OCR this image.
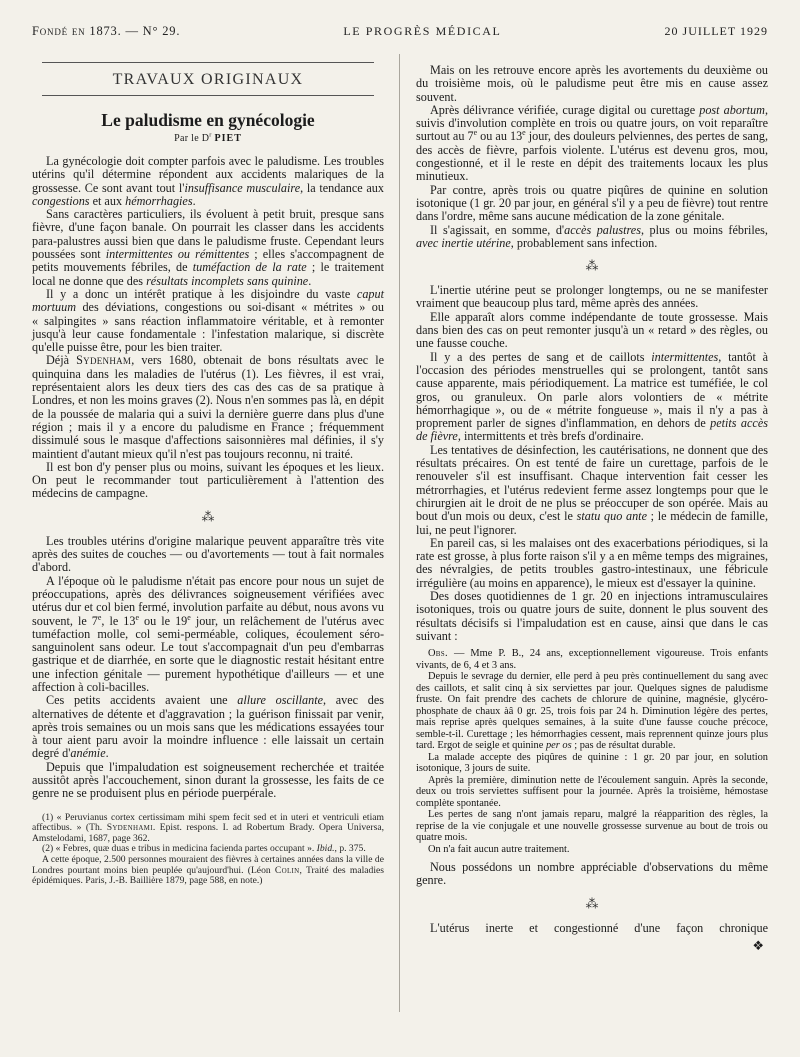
Fondé en 1873. — N° 29.	LE PROGRÈS MÉDICAL	20 JUILLET 1929
TRAVAUX ORIGINAUX
Le paludisme en gynécologie
Par le $D^r$ PIET

La gynécologie doit compter parfois avec le paludisme. Les troubles utérins qu'il détermine répondent aux accidents malariques de la grossesse. Ce sont avant tout l'insuffisance musculaire, la tendance aux congestions et aux hémorrhagies.

Sans caractères particuliers, ils évoluent à petit bruit, presque sans fièvre, d'une façon banale. On pourrait les classer dans les accidents para-palustres aussi bien que dans le paludisme fruste. Cependant leurs poussées sont intermittentes ou rémittentes ; elles s'accompagnent de petits mouvements fébriles, de tuméfaction de la rate ; le traitement local ne donne que des résultats incomplets sans quinine.

Il y a donc un intérêt pratique à les disjoindre du vaste caput mortuum des déviations, congestions ou soi-disant « métrites » ou « salpingites » sans réaction inflammatoire véritable, et à remonter jusqu'à leur cause fondamentale : l'infestation malarique, si discrète qu'elle puisse être, pour les bien traiter.

Déjà Sydenham, vers 1680, obtenait de bons résultats avec le quinquina dans les maladies de l'utérus (1). Les fièvres, il est vrai, représentaient alors les deux tiers des cas des cas de sa pratique à Londres, et non les moins graves (2). Nous n'en sommes pas là, en dépit de la poussée de malaria qui a suivi la dernière guerre dans plus d'une région ; mais il y a encore du paludisme en France ; fréquemment dissimulé sous le masque d'affections saisonnières mal définies, il s'y maintient d'autant mieux qu'il n'est pas toujours reconnu, ni traité.

Il est bon d'y penser plus ou moins, suivant les époques et les lieux. On peut le recommander tout particulièrement à l'attention des médecins de campagne.

⁂

Les troubles utérins d'origine malarique peuvent apparaître très vite après des suites de couches — ou d'avortements — tout à fait normales d'abord.

A l'époque où le paludisme n'était pas encore pour nous un sujet de préoccupations, après des délivrances soigneusement vérifiées avec utérus dur et col bien fermé, involution parfaite au début, nous avons vu souvent, le 7e, le 13e ou le 19e jour, un relâchement de l'utérus avec tuméfaction molle, col semi-perméable, coliques, écoulement séro-sanguinolent sans odeur. Le tout s'accompagnait d'un peu d'embarras gastrique et de diarrhée, en sorte que le diagnostic restait hésitant entre une infection génitale — purement hypothétique d'ailleurs — et une affection à coli-bacilles.

Ces petits accidents avaient une allure oscillante, avec des alternatives de détente et d'aggravation ; la guérison finissait par venir, après trois semaines ou un mois sans que les médications essayées tour à tour aient paru avoir la moindre influence : elle laissait un certain degré d'anémie.

Depuis que l'impaludation est soigneusement recherchée et traitée aussitôt après l'accouchement, sinon durant la grossesse, les faits de ce genre ne se produisent plus en période puerpérale.

(1) « Peruvianus cortex certissimam mihi spem fecit sed et in uteri et ventriculi etiam affectibus. » (Th. Sydenhami. Epist. respons. I. ad Robertum Brady. Opera Universa, Amstelodami, 1687, page 362.

(2) « Febres, quæ duas e tribus in medicina facienda partes occupant ». Ibid., p. 375.

A cette époque, 2.500 personnes mouraient des fièvres à certaines années dans la ville de Londres pourtant moins bien peuplée qu'aujourd'hui. (Léon Colin, Traité des maladies épidémiques. Paris, J.-B. Baillière 1879, page 588, en note.)

Mais on les retrouve encore après les avortements du deuxième ou du troisième mois, où le paludisme peut être mis en cause assez souvent.

Après délivrance vérifiée, curage digital ou curettage post abortum, suivis d'involution complète en trois ou quatre jours, on voit reparaître surtout au 7e ou au 13e jour, des douleurs pelviennes, des pertes de sang, des accès de fièvre, parfois violente. L'utérus est devenu gros, mou, congestionné, et il le reste en dépit des traitements locaux les plus minutieux.

Par contre, après trois ou quatre piqûres de quinine en solution isotonique (1 gr. 20 par jour, en général s'il y a peu de fièvre) tout rentre dans l'ordre, même sans aucune médication de la zone génitale.

Il s'agissait, en somme, d'accès palustres, plus ou moins fébriles, avec inertie utérine, probablement sans infection.

⁂

L'inertie utérine peut se prolonger longtemps, ou ne se manifester vraiment que beaucoup plus tard, même après des années.

Elle apparaît alors comme indépendante de toute grossesse. Mais dans bien des cas on peut remonter jusqu'à un « retard » des règles, ou une fausse couche.

Il y a des pertes de sang et de caillots intermittentes, tantôt à l'occasion des périodes menstruelles qui se prolongent, tantôt sans cause apparente, mais périodiquement. La matrice est tuméfiée, le col gros, ou granuleux. On parle alors volontiers de « métrite hémorrhagique », ou de « métrite fongueuse », mais il n'y a pas à proprement parler de signes d'inflammation, en dehors de petits accès de fièvre, intermittents et très brefs d'ordinaire.

Les tentatives de désinfection, les cautérisations, ne donnent que des résultats précaires. On est tenté de faire un curettage, parfois de le renouveler s'il est insuffisant. Chaque intervention fait cesser les métrorrhagies, et l'utérus redevient ferme assez longtemps pour que le chirurgien ait le droit de ne plus se préoccuper de son opérée. Mais au bout d'un mois ou deux, c'est le statu quo ante ; le médecin de famille, lui, ne peut l'ignorer.

En pareil cas, si les malaises ont des exacerbations périodiques, si la rate est grosse, à plus forte raison s'il y a en même temps des migraines, des névralgies, de petits troubles gastro-intestinaux, une fébricule irrégulière (au moins en apparence), le mieux est d'essayer la quinine.

Des doses quotidiennes de 1 gr. 20 en injections intramusculaires isotoniques, trois ou quatre jours de suite, donnent le plus souvent des résultats décisifs si l'impaludation est en cause, ainsi que dans le cas suivant :

Obs. — Mme P. B., 24 ans, exceptionnellement vigoureuse. Trois enfants vivants, de 6, 4 et 3 ans.

Depuis le sevrage du dernier, elle perd à peu près continuellement du sang avec des caillots, et salit cinq à six serviettes par jour. Quelques signes de paludisme fruste. On fait prendre des cachets de chlorure de quinine, magnésie, glycéro-phosphate de chaux àâ 0 gr. 25, trois fois par 24 h. Diminution légère des pertes, mais reprise après quelques semaines, à la suite d'une fausse couche précoce, semble-t-il. Curettage ; les hémorrhagies cessent, mais reprennent quinze jours plus tard. Ergot de seigle et quinine per os ; pas de résultat durable.

La malade accepte des piqûres de quinine : 1 gr. 20 par jour, en solution isotonique, 3 jours de suite.

Après la première, diminution nette de l'écoulement sanguin. Après la seconde, deux ou trois serviettes suffisent pour la journée. Après la troisième, hémostase complète spontanée.

Les pertes de sang n'ont jamais reparu, malgré la réapparition des règles, la reprise de la vie conjugale et une nouvelle grossesse survenue au bout de trois ou quatre mois.

On n'a fait aucun autre traitement.

Nous possédons un nombre appréciable d'observations du même genre.

⁂

L'utérus inerte et congestionné d'une façon chronique

❖
